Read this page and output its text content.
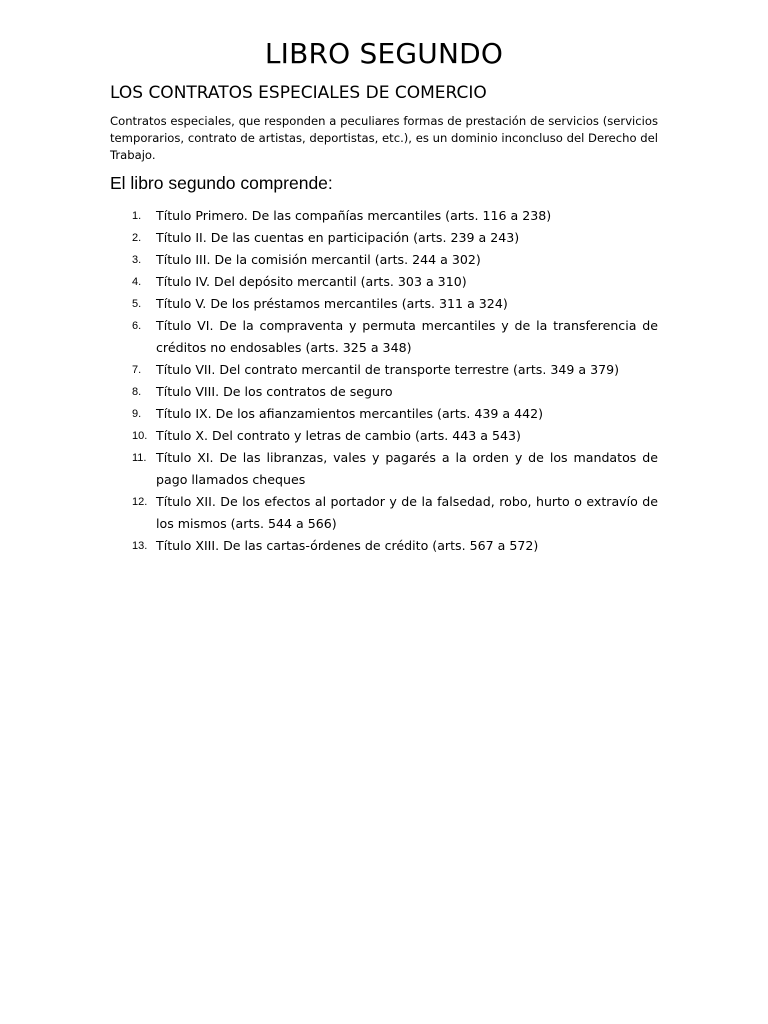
LIBRO SEGUNDO
LOS CONTRATOS ESPECIALES DE COMERCIO
Contratos especiales, que responden a peculiares formas de prestación de servicios (servicios temporarios, contrato de artistas, deportistas, etc.), es un dominio inconcluso del Derecho del Trabajo.
El libro segundo comprende:
1. Título Primero. De las compañías mercantiles (arts. 116 a 238)
2. Título II. De las cuentas en participación (arts. 239 a 243)
3. Título III. De la comisión mercantil (arts. 244 a 302)
4. Título IV. Del depósito mercantil (arts. 303 a 310)
5. Título V. De los préstamos mercantiles (arts. 311 a 324)
6. Título VI. De la compraventa y permuta mercantiles y de la transferencia de créditos no endosables (arts. 325 a 348)
7. Título VII. Del contrato mercantil de transporte terrestre (arts. 349 a 379)
8. Título VIII. De los contratos de seguro
9. Título IX. De los afianzamientos mercantiles (arts. 439 a 442)
10. Título X. Del contrato y letras de cambio (arts. 443 a 543)
11. Título XI. De las libranzas, vales y pagarés a la orden y de los mandatos de pago llamados cheques
12. Título XII. De los efectos al portador y de la falsedad, robo, hurto o extravío de los mismos (arts. 544 a 566)
13. Título XIII. De las cartas-órdenes de crédito (arts. 567 a 572)
